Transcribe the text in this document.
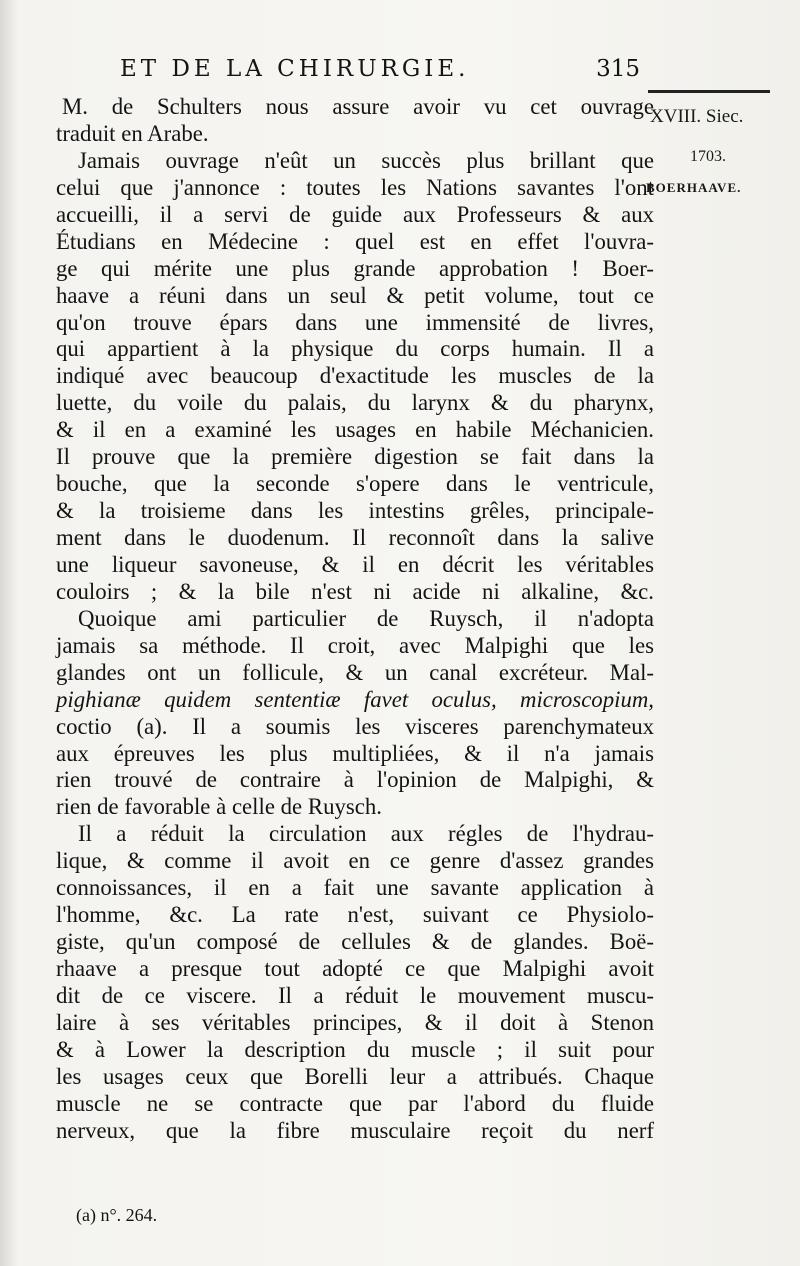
ET DE LA CHIRURGIE.	315
XVIII. Siec.
1703.
BOERHAAVE.
M. de Schulters nous assure avoir vu cet ouvrage
traduit en Arabe.
Jamais ouvrage n'eût un succès plus brillant que
celui que j'annonce : toutes les Nations savantes l'ont
accueilli, il a servi de guide aux Professeurs & aux
Étudians en Médecine : quel est en effet l'ouvra-
ge qui mérite une plus grande approbation ! Boer-
haave a réuni dans un seul & petit volume, tout ce
qu'on trouve épars dans une immensité de livres,
qui appartient à la physique du corps humain. Il a
indiqué avec beaucoup d'exactitude les muscles de la
luette, du voile du palais, du larynx & du pharynx,
& il en a examiné les usages en habile Méchanicien.
Il prouve que la première digestion se fait dans la
bouche, que la seconde s'opere dans le ventricule,
& la troisieme dans les intestins grêles, principale-
ment dans le duodenum. Il reconnoît dans la salive
une liqueur savoneuse, & il en décrit les véritables
couloirs ; & la bile n'est ni acide ni alkaline, &c.
Quoique ami particulier de Ruysch, il n'adopta
jamais sa méthode. Il croit, avec Malpighi que les
glandes ont un follicule, & un canal excréteur. Mal-
pighianæ quidem sententiæ favet oculus, microscopium,
coctio (a). Il a soumis les visceres parenchymateux
aux épreuves les plus multipliées, & il n'a jamais
rien trouvé de contraire à l'opinion de Malpighi, &
rien de favorable à celle de Ruysch.
Il a réduit la circulation aux régles de l'hydrau-
lique, & comme il avoit en ce genre d'assez grandes
connoissances, il en a fait une savante application à
l'homme, &c. La rate n'est, suivant ce Physiolo-
giste, qu'un composé de cellules & de glandes. Boë-
rhaave a presque tout adopté ce que Malpighi avoit
dit de ce viscere. Il a réduit le mouvement muscu-
laire à ses véritables principes, & il doit à Stenon
& à Lower la description du muscle ; il suit pour
les usages ceux que Borelli leur a attribués. Chaque
muscle ne se contracte que par l'abord du fluide
nerveux, que la fibre musculaire reçoit du nerf
(a) n°. 264.
